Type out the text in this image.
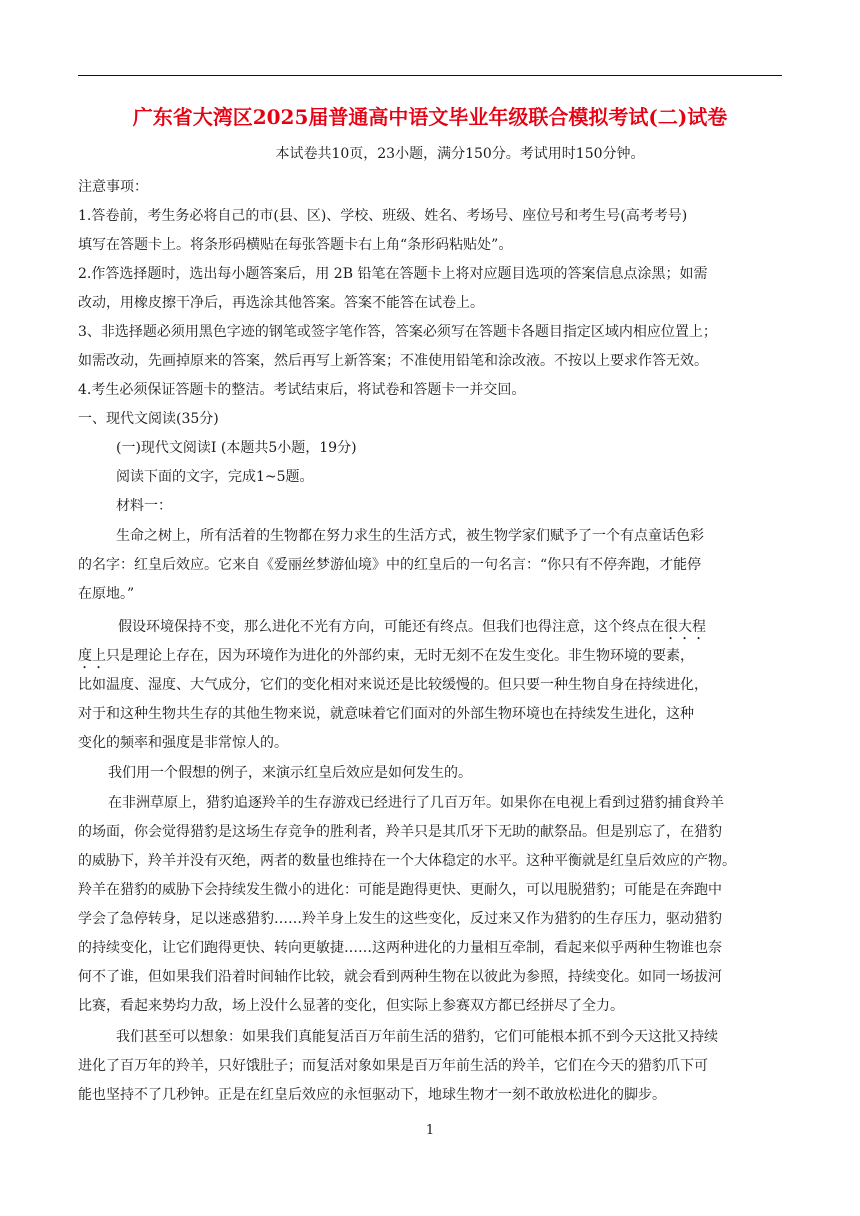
广东省大湾区2025届普通高中语文毕业年级联合模拟考试(二)试卷
本试卷共10页，23小题，满分150分。考试用时150分钟。
注意事项：
1.答卷前，考生务必将自己的市(县、区)、学校、班级、姓名、考场号、座位号和考生号(高考考号)
填写在答题卡上。将条形码横贴在每张答题卡右上角“条形码粘贴处”。
2.作答选择题时，选出每小题答案后，用 2B 铅笔在答题卡上将对应题目选项的答案信息点涂黑；如需
改动，用橡皮擦干净后，再选涂其他答案。答案不能答在试卷上。
3、非选择题必须用黑色字迹的钢笔或签字笔作答，答案必须写在答题卡各题目指定区域内相应位置上；
如需改动，先画掉原来的答案，然后再写上新答案；不准使用铅笔和涂改液。不按以上要求作答无效。
4.考生必须保证答题卡的整洁。考试结束后，将试卷和答题卡一并交回。
一、现代文阅读(35分)
(一)现代文阅读Ⅰ (本题共5小题，19分)
阅读下面的文字，完成1~5题。
材料一：
生命之树上，所有活着的生物都在努力求生的生活方式，被生物学家们赋予了一个有点童话色彩
的名字：红皇后效应。它来自《爱丽丝梦游仙境》中的红皇后的一句名言：“你只有不停奔跑，才能停
在原地。”
假设环境保持不变，那么进化不光有方向，可能还有终点。但我们也得注意，这个终点在很大程
度上只是理论上存在，因为环境作为进化的外部约束，无时无刻不在发生变化。非生物环境的要素，
比如温度、湿度、大气成分，它们的变化相对来说还是比较缓慢的。但只要一种生物自身在持续进化，
对于和这种生物共生存的其他生物来说，就意味着它们面对的外部生物环境也在持续发生进化，这种
变化的频率和强度是非常惊人的。
我们用一个假想的例子，来演示红皇后效应是如何发生的。
在非洲草原上，猎豹追逐羚羊的生存游戏已经进行了几百万年。如果你在电视上看到过猎豹捕食羚羊
的场面，你会觉得猎豹是这场生存竞争的胜利者，羚羊只是其爪牙下无助的献祭品。但是别忘了，在猎豹
的威胁下，羚羊并没有灭绝，两者的数量也维持在一个大体稳定的水平。这种平衡就是红皇后效应的产物。
羚羊在猎豹的威胁下会持续发生微小的进化：可能是跑得更快、更耐久，可以甩脱猎豹；可能是在奔跑中
学会了急停转身，足以迷惑猎豹……羚羊身上发生的这些变化，反过来又作为猎豹的生存压力，驱动猎豹
的持续变化，让它们跑得更快、转向更敏捷……这两种进化的力量相互牵制，看起来似乎两种生物谁也奈
何不了谁，但如果我们沿着时间轴作比较，就会看到两种生物在以彼此为参照，持续变化。如同一场拔河
比赛，看起来势均力敌，场上没什么显著的变化，但实际上参赛双方都已经拼尽了全力。
我们甚至可以想象：如果我们真能复活百万年前生活的猎豹，它们可能根本抓不到今天这批又持续
进化了百万年的羚羊，只好饿肚子；而复活对象如果是百万年前生活的羚羊，它们在今天的猎豹爪下可
能也坚持不了几秒钟。正是在红皇后效应的永恒驱动下，地球生物才一刻不敢放松进化的脚步。
1
